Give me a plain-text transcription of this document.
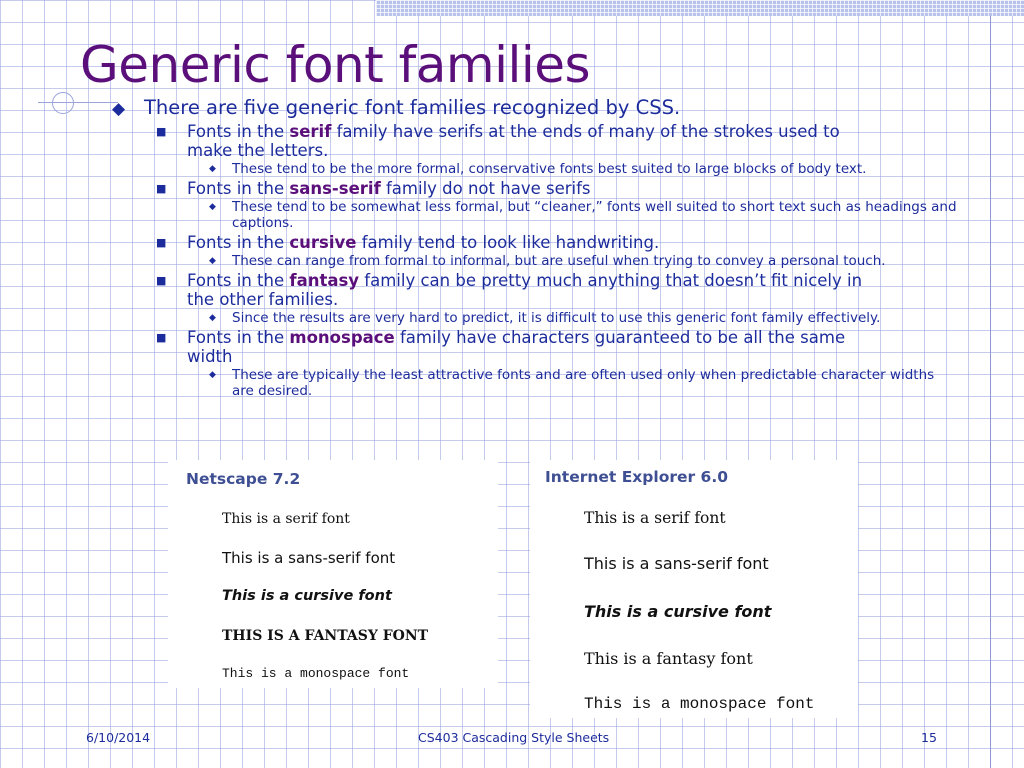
Generic font families
◆ There are five generic font families recognized by CSS.
■ Fonts in the serif family have serifs at the ends of many of the strokes used to make the letters.
◆ These tend to be the more formal, conservative fonts best suited to large blocks of body text.
■ Fonts in the sans-serif family do not have serifs
◆ These tend to be somewhat less formal, but “cleaner,” fonts well suited to short text such as headings and captions.
■ Fonts in the cursive family tend to look like handwriting.
◆ These can range from formal to informal, but are useful when trying to convey a personal touch.
■ Fonts in the fantasy family can be pretty much anything that doesn’t fit nicely in the other families.
◆ Since the results are very hard to predict, it is difficult to use this generic font family effectively.
■ Fonts in the monospace family have characters guaranteed to be all the same width
◆ These are typically the least attractive fonts and are often used only when predictable character widths are desired.
Netscape 7.2
This is a serif font
This is a sans-serif font
This is a cursive font
THIS IS A FANTASY FONT
This is a monospace font
Internet Explorer 6.0
This is a serif font
This is a sans-serif font
This is a cursive font
This is a fantasy font
This is a monospace font
6/10/2014	CS403 Cascading Style Sheets	15
